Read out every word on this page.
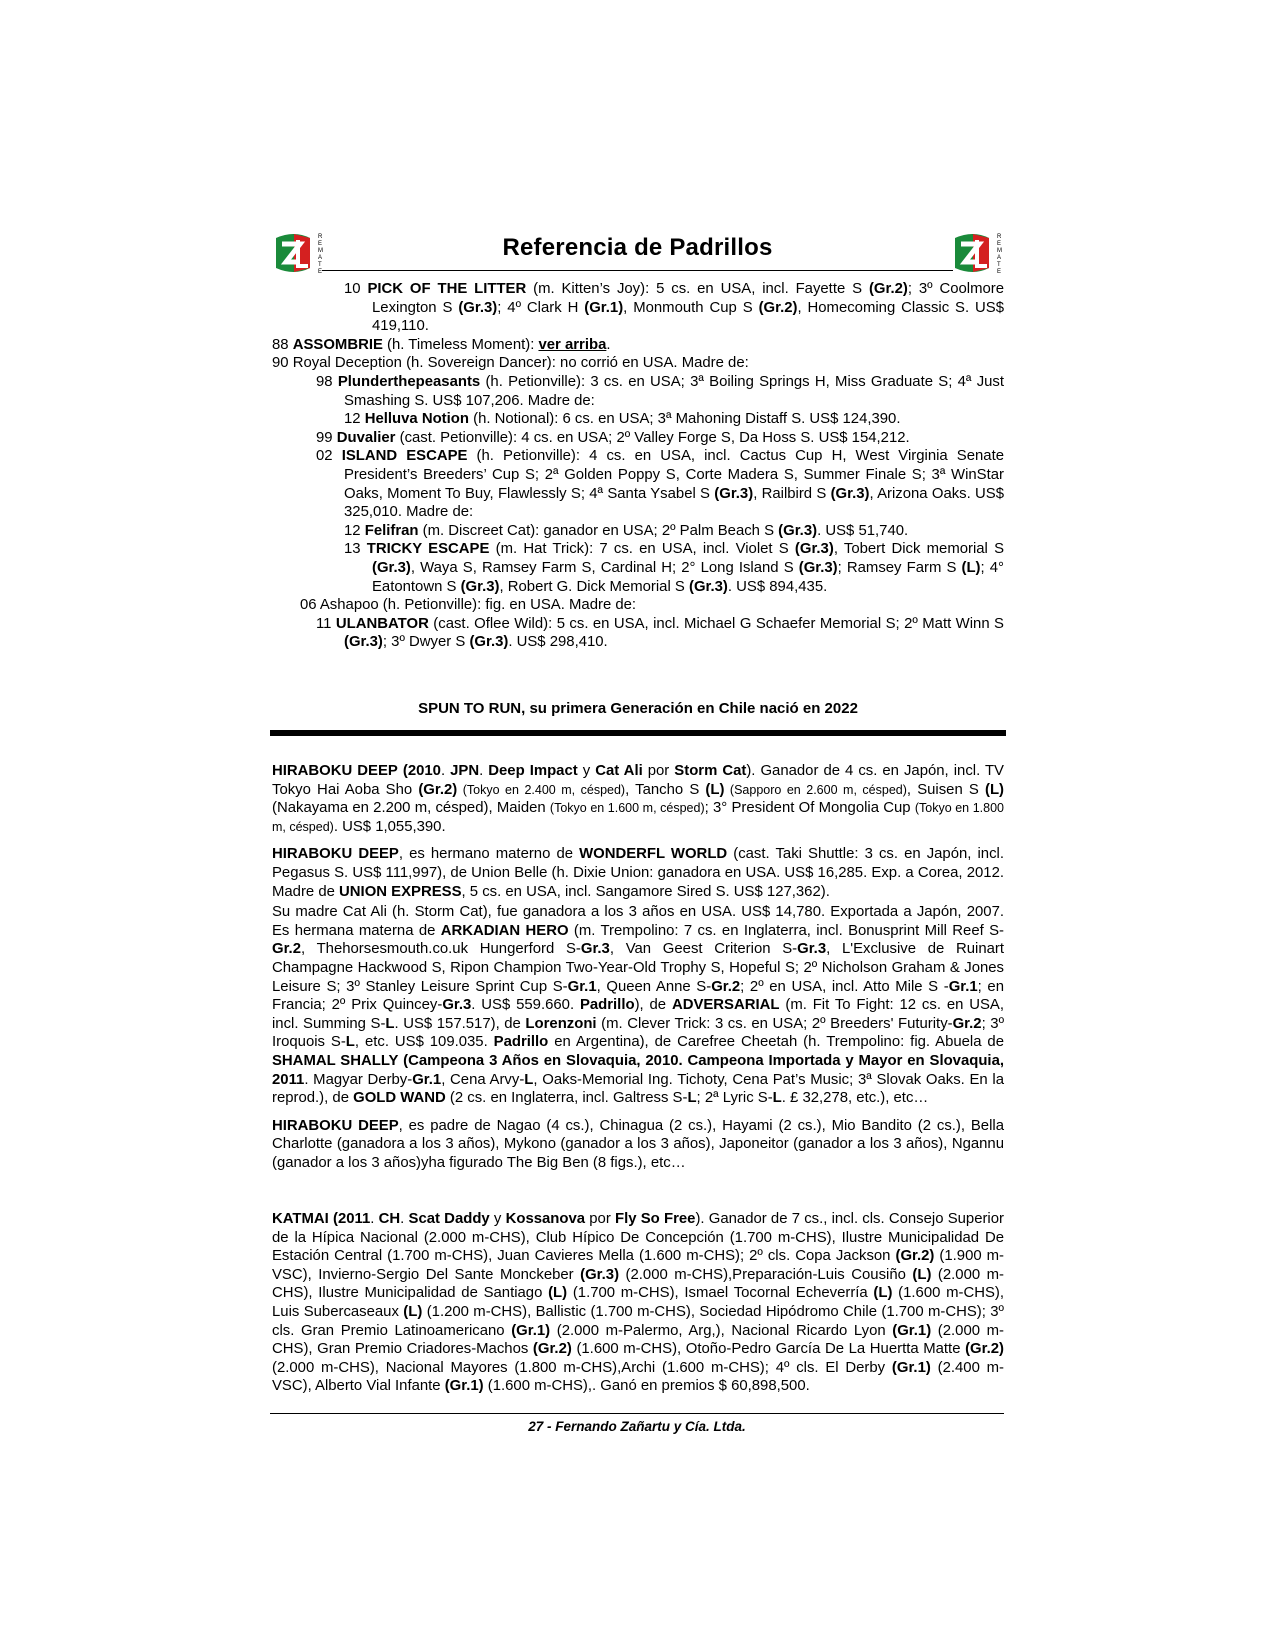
R
E
M
A
T
E
Referencia de Padrillos	R
E
M
A
T
E
10 PICK OF THE LITTER (m. Kitten’s Joy): 5 cs. en USA, incl. Fayette S (Gr.2); 3º Coolmore Lexington S (Gr.3); 4º Clark H (Gr.1), Monmouth Cup S (Gr.2), Homecoming Classic S. US$ 419,110.
88 ASSOMBRIE (h. Timeless Moment): ver arriba.
90 Royal Deception (h. Sovereign Dancer): no corrió en USA. Madre de:
98 Plunderthepeasants (h. Petionville): 3 cs. en USA; 3ª Boiling Springs H, Miss Graduate S; 4ª Just Smashing S. US$ 107,206. Madre de:
12 Helluva Notion (h. Notional): 6 cs. en USA; 3ª Mahoning Distaff S. US$ 124,390.
99 Duvalier (cast. Petionville): 4 cs. en USA; 2º Valley Forge S, Da Hoss S. US$ 154,212.
02 ISLAND ESCAPE (h. Petionville): 4 cs. en USA, incl. Cactus Cup H, West Virginia Senate President’s Breeders’ Cup S; 2ª Golden Poppy S, Corte Madera S, Summer Finale S; 3ª WinStar Oaks, Moment To Buy, Flawlessly S; 4ª Santa Ysabel S (Gr.3), Railbird S (Gr.3), Arizona Oaks. US$ 325,010. Madre de:
12 Felifran (m. Discreet Cat): ganador en USA; 2º Palm Beach S (Gr.3). US$ 51,740.
13 TRICKY ESCAPE (m. Hat Trick): 7 cs. en USA, incl. Violet S (Gr.3), Tobert Dick memorial S (Gr.3), Waya S, Ramsey Farm S, Cardinal H; 2° Long Island S (Gr.3); Ramsey Farm S (L); 4° Eatontown S (Gr.3), Robert G. Dick Memorial S (Gr.3). US$ 894,435.
06 Ashapoo (h. Petionville): fig. en USA. Madre de:
11 ULANBATOR (cast. Oflee Wild): 5 cs. en USA, incl. Michael G Schaefer Memorial S; 2º Matt Winn S (Gr.3); 3º Dwyer S (Gr.3). US$ 298,410.
SPUN TO RUN, su primera Generación en Chile nació en 2022

HIRABOKU DEEP (2010. JPN. Deep Impact y Cat Ali por Storm Cat). Ganador de 4 cs. en Japón, incl. TV Tokyo Hai Aoba Sho (Gr.2) (Tokyo en 2.400 m, césped), Tancho S (L) (Sapporo en 2.600 m, césped), Suisen S (L) (Nakayama en 2.200 m, césped), Maiden (Tokyo en 1.600 m, césped); 3° President Of Mongolia Cup (Tokyo en 1.800 m, césped). US$ 1,055,390.

HIRABOKU DEEP, es hermano materno de WONDERFL WORLD (cast. Taki Shuttle: 3 cs. en Japón, incl. Pegasus S. US$ 111,997), de Union Belle (h. Dixie Union: ganadora en USA. US$ 16,285. Exp. a Corea, 2012. Madre de UNION EXPRESS, 5 cs. en USA, incl. Sangamore Sired S. US$ 127,362).

Su madre Cat Ali (h. Storm Cat), fue ganadora a los 3 años en USA. US$ 14,780. Exportada a Japón, 2007. Es hermana materna de ARKADIAN HERO (m. Trempolino: 7 cs. en Inglaterra, incl. Bonusprint Mill Reef S-Gr.2, Thehorsesmouth.co.uk Hungerford S-Gr.3, Van Geest Criterion S-Gr.3, L'Exclusive de Ruinart Champagne Hackwood S, Ripon Champion Two-Year-Old Trophy S, Hopeful S; 2º Nicholson Graham & Jones Leisure S; 3º Stanley Leisure Sprint Cup S-Gr.1, Queen Anne S-Gr.2; 2º en USA, incl. Atto Mile S -Gr.1; en Francia; 2º Prix Quincey-Gr.3. US$ 559.660. Padrillo), de ADVERSARIAL (m. Fit To Fight: 12 cs. en USA, incl. Summing S-L. US$ 157.517), de Lorenzoni (m. Clever Trick: 3 cs. en USA; 2º Breeders' Futurity-Gr.2; 3º Iroquois S-L, etc. US$ 109.035. Padrillo en Argentina), de Carefree Cheetah (h. Trempolino: fig. Abuela de SHAMAL SHALLY (Campeona 3 Años en Slovaquia, 2010. Campeona Importada y Mayor en Slovaquia, 2011. Magyar Derby-Gr.1, Cena Arvy-L, Oaks-Memorial Ing. Tichoty, Cena Pat’s Music; 3ª Slovak Oaks. En la reprod.), de GOLD WAND (2 cs. en Inglaterra, incl. Galtress S-L; 2ª Lyric S-L. £ 32,278, etc.), etc…

HIRABOKU DEEP, es padre de Nagao (4 cs.), Chinagua (2 cs.), Hayami (2 cs.), Mio Bandito (2 cs.), Bella Charlotte (ganadora a los 3 años), Mykono (ganador a los 3 años), Japoneitor (ganador a los 3 años), Ngannu (ganador a los 3 años)yha figurado The Big Ben (8 figs.), etc…

KATMAI (2011. CH. Scat Daddy y Kossanova por Fly So Free). Ganador de 7 cs., incl. cls. Consejo Superior de la Hípica Nacional (2.000 m-CHS), Club Hípico De Concepción (1.700 m-CHS), Ilustre Municipalidad De Estación Central (1.700 m-CHS), Juan Cavieres Mella (1.600 m-CHS); 2º cls. Copa Jackson (Gr.2) (1.900 m-VSC), Invierno-Sergio Del Sante Monckeber (Gr.3) (2.000 m-CHS),Preparación-Luis Cousiño (L) (2.000 m-CHS), Ilustre Municipalidad de Santiago (L) (1.700 m-CHS), Ismael Tocornal Echeverría (L) (1.600 m-CHS), Luis Subercaseaux (L) (1.200 m-CHS), Ballistic (1.700 m-CHS), Sociedad Hipódromo Chile (1.700 m-CHS); 3º cls. Gran Premio Latinoamericano (Gr.1) (2.000 m-Palermo, Arg,), Nacional Ricardo Lyon (Gr.1) (2.000 m-CHS), Gran Premio Criadores-Machos (Gr.2) (1.600 m-CHS), Otoño-Pedro García De La Huertta Matte (Gr.2) (2.000 m-CHS), Nacional Mayores (1.800 m-CHS),Archi (1.600 m-CHS); 4º cls. El Derby (Gr.1) (2.400 m-VSC), Alberto Vial Infante (Gr.1) (1.600 m-CHS),. Ganó en premios $ 60,898,500.

27 - Fernando Zañartu y Cía. Ltda.
